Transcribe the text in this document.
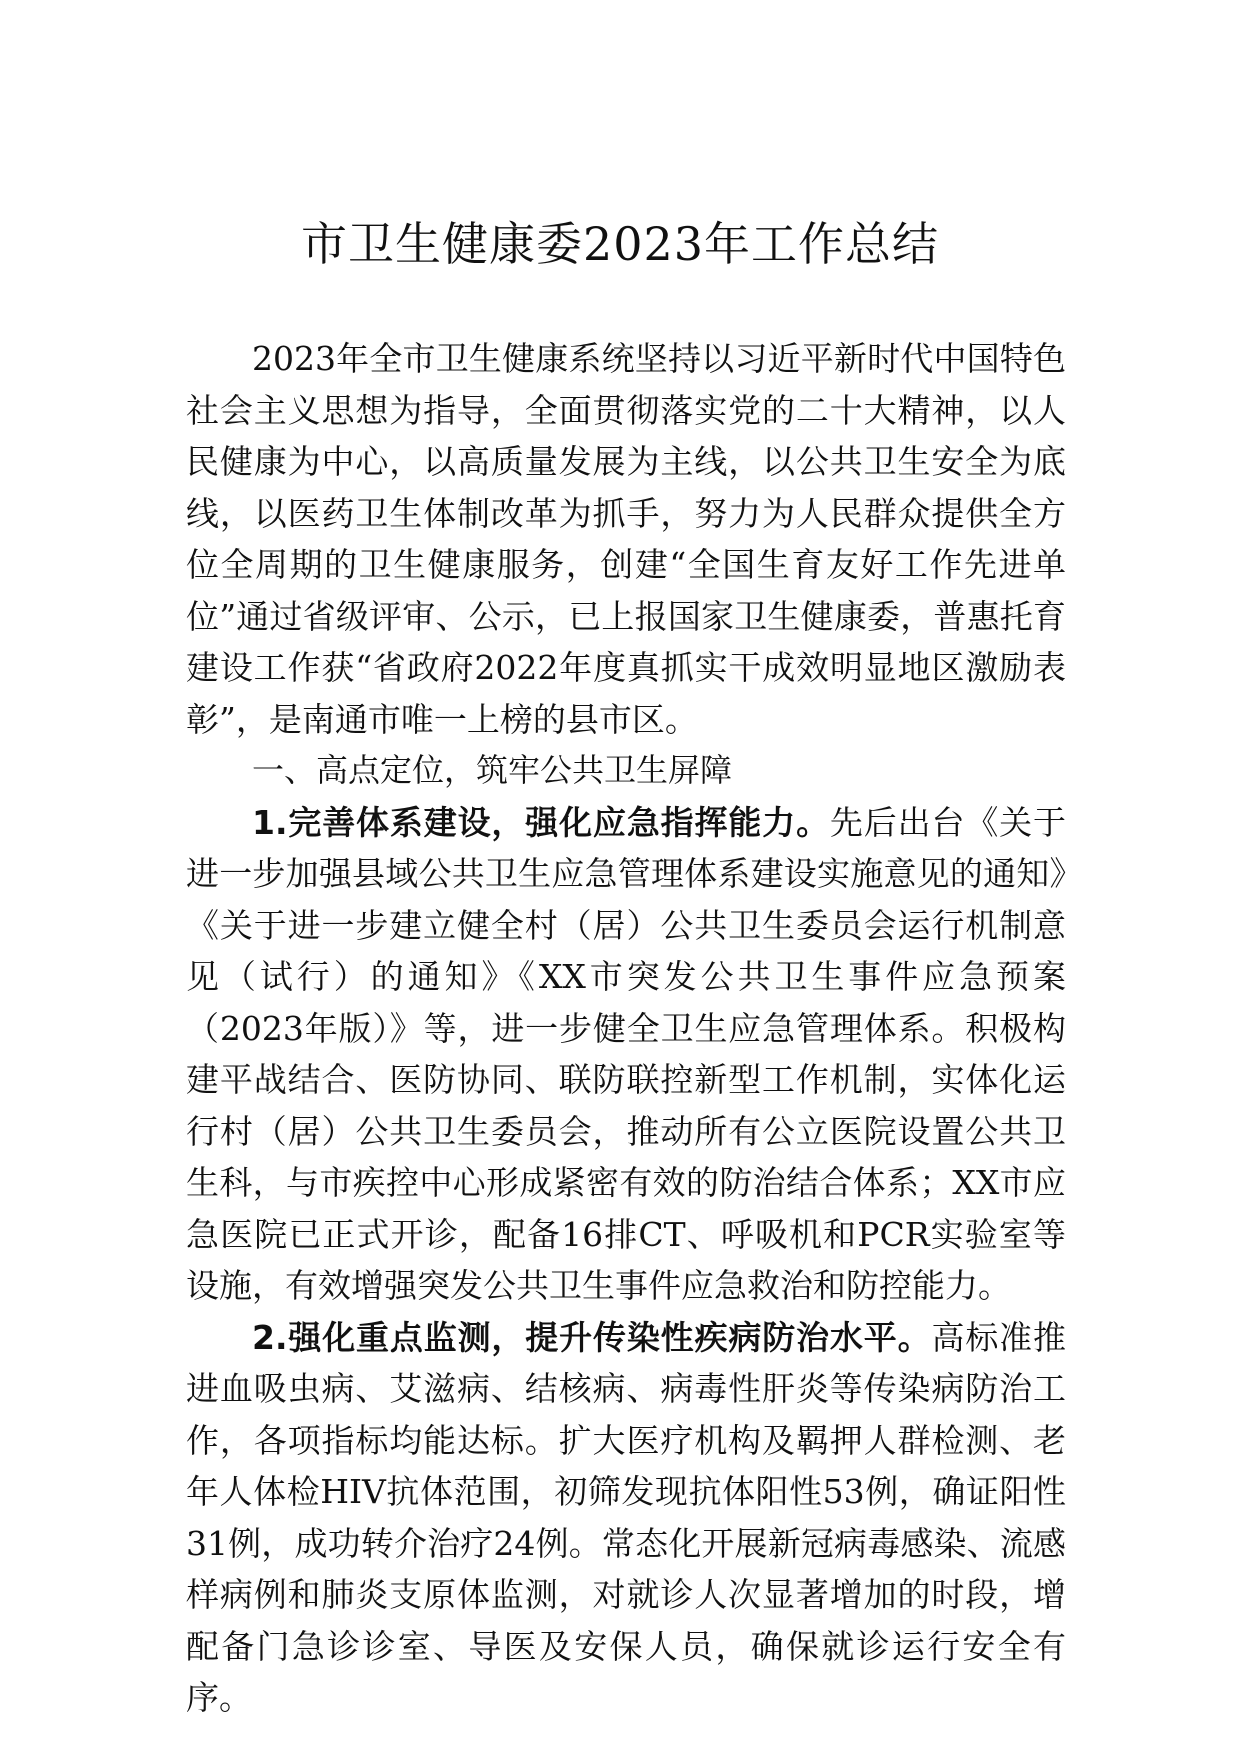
市卫生健康委2023年工作总结

2023年全市卫生健康系统坚持以习近平新时代中国特色社会主义思想为指导，全面贯彻落实党的二十大精神，以人民健康为中心，以高质量发展为主线，以公共卫生安全为底线，以医药卫生体制改革为抓手，努力为人民群众提供全方位全周期的卫生健康服务，创建“全国生育友好工作先进单位”通过省级评审、公示，已上报国家卫生健康委，普惠托育建设工作获“省政府2022年度真抓实干成效明显地区激励表彰”，是南通市唯一上榜的县市区。

一、高点定位，筑牢公共卫生屏障

1.完善体系建设，强化应急指挥能力。先后出台《关于进一步加强县域公共卫生应急管理体系建设实施意见的通知》《关于进一步建立健全村（居）公共卫生委员会运行机制意见（试行）的通知》《XX市突发公共卫生事件应急预案（2023年版）》等，进一步健全卫生应急管理体系。积极构建平战结合、医防协同、联防联控新型工作机制，实体化运行村（居）公共卫生委员会，推动所有公立医院设置公共卫生科，与市疾控中心形成紧密有效的防治结合体系；XX市应急医院已正式开诊，配备16排CT、呼吸机和PCR实验室等设施，有效增强突发公共卫生事件应急救治和防控能力。

2.强化重点监测，提升传染性疾病防治水平。高标准推进血吸虫病、艾滋病、结核病、病毒性肝炎等传染病防治工作，各项指标均能达标。扩大医疗机构及羁押人群检测、老年人体检HIV抗体范围，初筛发现抗体阳性53例，确证阳性31例，成功转介治疗24例。常态化开展新冠病毒感染、流感样病例和肺炎支原体监测，对就诊人次显著增加的时段，增配备门急诊诊室、导医及安保人员，确保就诊运行安全有序。
